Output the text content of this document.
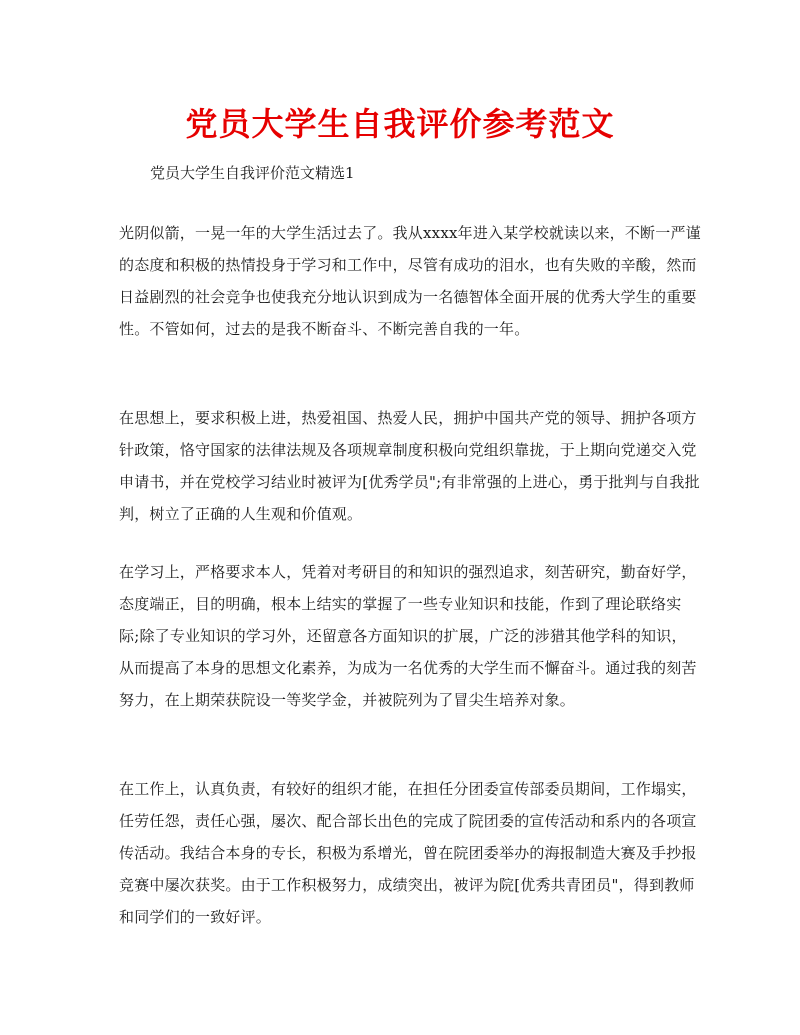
党员大学生自我评价参考范文

党员大学生自我评价范文精选1

光阴似箭，一晃一年的大学生活过去了。我从xxxx年进入某学校就读以来，不断一严谨的态度和积极的热情投身于学习和工作中，尽管有成功的泪水，也有失败的辛酸，然而日益剧烈的社会竞争也使我充分地认识到成为一名德智体全面开展的优秀大学生的重要性。不管如何，过去的是我不断奋斗、不断完善自我的一年。

在思想上，要求积极上进，热爱祖国、热爱人民，拥护中国共产党的领导、拥护各项方针政策，恪守国家的法律法规及各项规章制度积极向党组织靠拢，于上期向党递交入党申请书，并在党校学习结业时被评为[优秀学员";有非常强的上进心，勇于批判与自我批判，树立了正确的人生观和价值观。

在学习上，严格要求本人，凭着对考研目的和知识的强烈追求，刻苦研究，勤奋好学，态度端正，目的明确，根本上结实的掌握了一些专业知识和技能，作到了理论联络实际;除了专业知识的学习外，还留意各方面知识的扩展，广泛的涉猎其他学科的知识，从而提高了本身的思想文化素养，为成为一名优秀的大学生而不懈奋斗。通过我的刻苦努力，在上期荣获院设一等奖学金，并被院列为了冒尖生培养对象。

在工作上，认真负责，有较好的组织才能，在担任分团委宣传部委员期间，工作塌实，任劳任怨，责任心强，屡次、配合部长出色的完成了院团委的宣传活动和系内的各项宣传活动。我结合本身的专长，积极为系增光，曾在院团委举办的海报制造大赛及手抄报竞赛中屡次获奖。由于工作积极努力，成绩突出，被评为院[优秀共青团员"，得到教师和同学们的一致好评。
